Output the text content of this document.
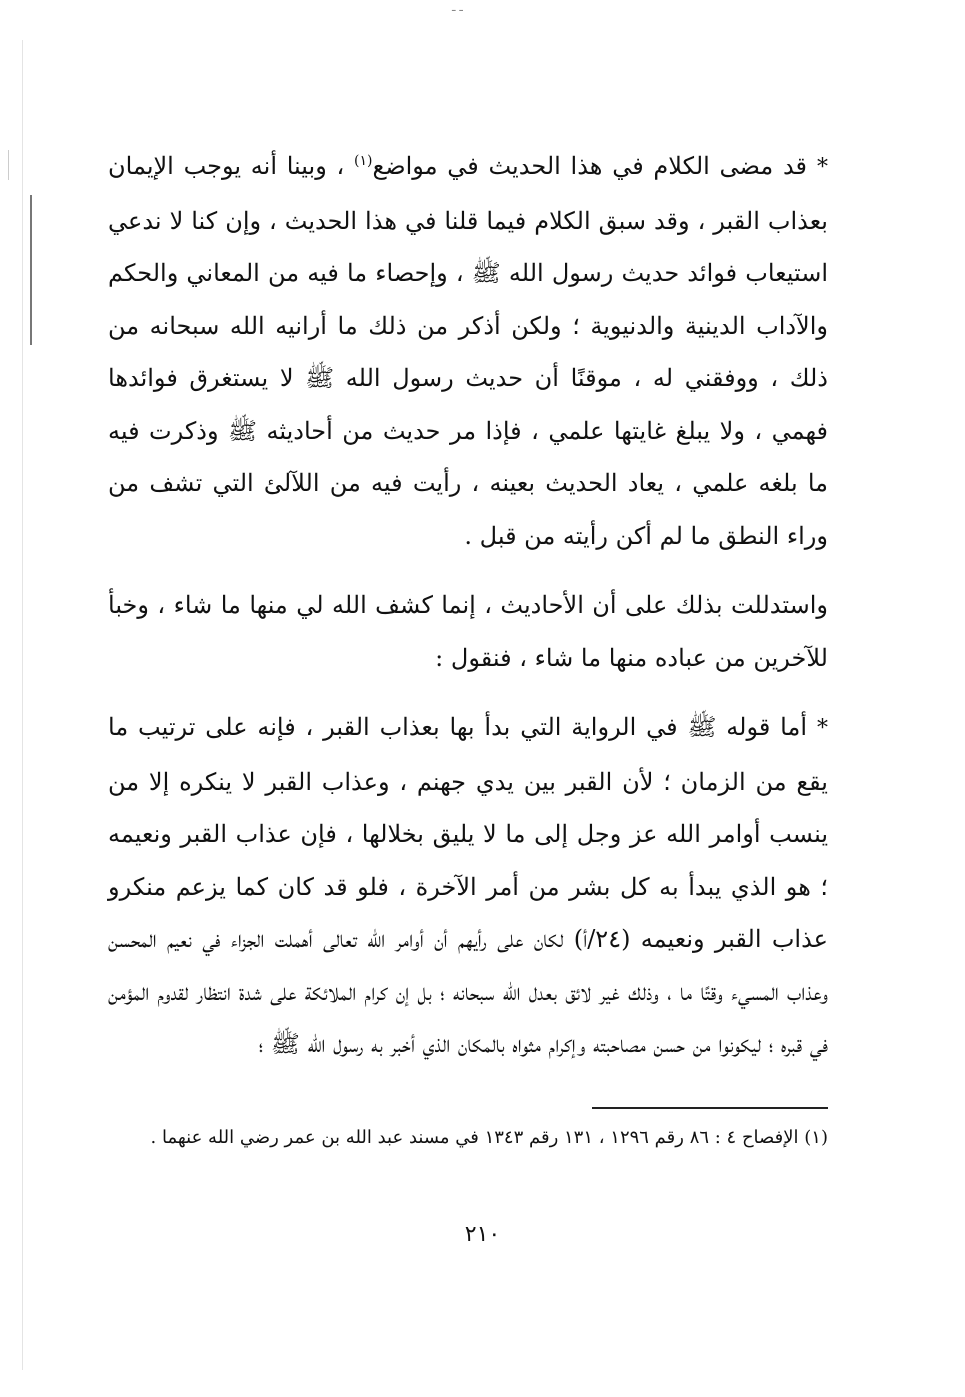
ـ ـ

*قد مضى الكلام في هذا الحديث في مواضع$^{(١)}$ ، وبينا أنه يوجب الإيمان بعذاب القبر ، وقد سبق الكلام فيما قلنا في هذا الحديث ، وإن كنا لا ندعي استيعاب فوائد حديث رسول الله ﷺ ، وإحصاء ما فيه من المعاني والحكم والآداب الدينية والدنيوية ؛ ولكن أذكر من ذلك ما أرانيه الله سبحانه من ذلك ، ووفقني له ، موقنًا أن حديث رسول الله ﷺ لا يستغرق فوائدها فهمي ، ولا يبلغ غايتها علمي ، فإذا مر حديث من أحاديثه ﷺ وذكرت فيه ما بلغه علمي ، يعاد الحديث بعينه ، رأيت فيه من اللآلئ التي تشف من وراء النطق ما لم أكن رأيته من قبل .

واستدللت بذلك على أن الأحاديث ، إنما كشف الله لي منها ما شاء ، وخبأ للآخرين من عباده منها ما شاء ، فنقول :

*أما قوله ﷺ في الرواية التي بدأ بها بعذاب القبر ، فإنه على ترتيب ما يقع من الزمان ؛ لأن القبر بين يدي جهنم ، وعذاب القبر لا ينكره إلا من ينسب أوامر الله عز وجل إلى ما لا يليق بخلالها ، فإن عذاب القبر ونعيمه ؛ هو الذي يبدأ به كل بشر من أمر الآخرة ، فلو قد كان كما يزعم منكرو عذاب القبر ونعيمه (٢٤/أ) لكان على رأيهم أن أوامر الله تعالى أهملت الجزاء في نعيم المحسن وعذاب المسيء وقتًا ما ، وذلك غير لائق بعدل الله سبحانه ؛ بل إن كرام الملائكة على شدة انتظار لقدوم المؤمن في قبره ؛ ليكونوا من حسن مصاحبته وإكرام مثواه بالمكان الذي أخبر به رسول الله ﷺ ؛

(١) الإفصاح ٤ : ٨٦ رقم ١٢٩٦ ، ١٣١ رقم ١٣٤٣ في مسند عبد الله بن عمر رضي الله عنهما .
٢١٠
